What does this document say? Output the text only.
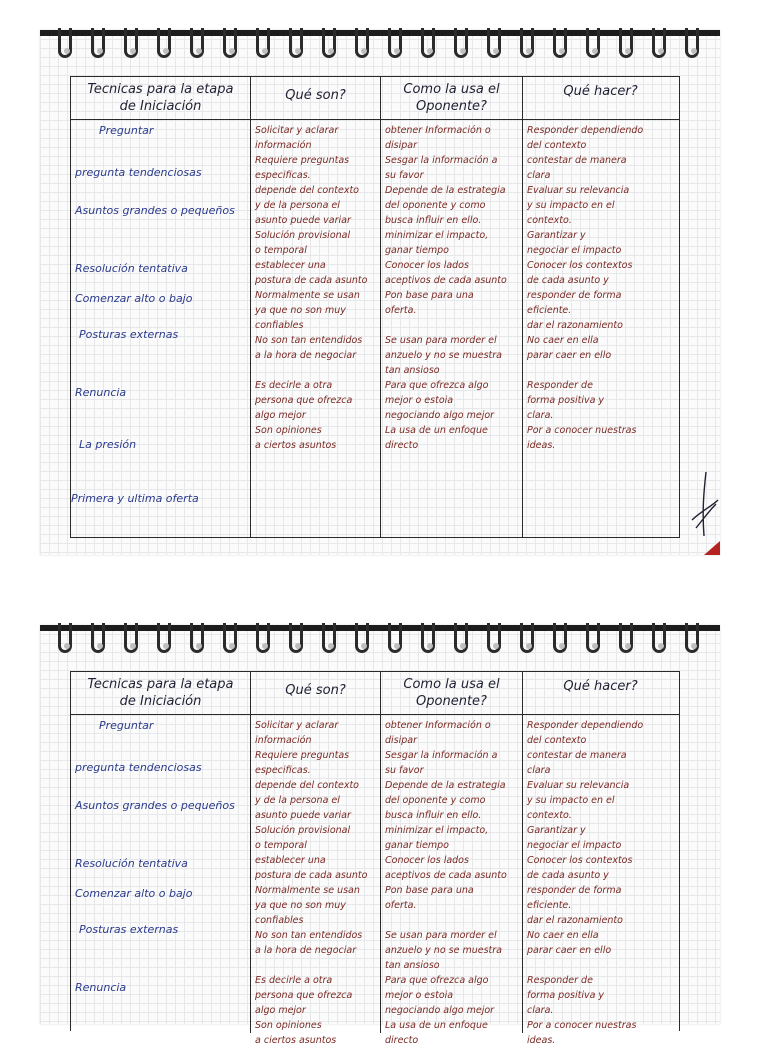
Tecnicas para la etapa
de Iniciación
Qué son?	Como la usa el
Oponente?
Qué hacer?
Preguntar
pregunta tendenciosas
Asuntos grandes o pequeños
Resolución tentativa
Comenzar alto o bajo
Posturas externas
Renuncia
La presión
Primera y ultima oferta
Solicitar y aclarar
información
Requiere preguntas
especificas.
depende del contexto
y de la persona el
asunto puede variar
Solución provisional
o temporal
establecer una
postura de cada asunto
Normalmente se usan
ya que no son muy
confiables
No son tan entendidos
a la hora de negociar

Es decirle a otra
persona que ofrezca
algo mejor
Son opiniones
a ciertos asuntos
obtener Información o
disipar
Sesgar la información a
su favor
Depende de la estrategia
del oponente y como
busca influir en ello.
minimizar el impacto,
ganar tiempo
Conocer los lados
aceptivos de cada asunto
Pon base para una
oferta.

Se usan para morder el
anzuelo y no se muestra
tan ansioso
Para que ofrezca algo
mejor o estoia
negociando algo mejor
La usa de un enfoque
directo
Responder dependiendo
del contexto
contestar de manera
clara
Evaluar su relevancia
y su impacto en el
contexto.
Garantizar y
negociar el impacto
Conocer los contextos
de cada asunto y
responder de forma
eficiente.
dar el razonamiento
No caer en ella
parar caer en ello

Responder de
forma positiva y
clara.
Por a conocer nuestras
ideas.
Tecnicas para la etapa
de Iniciación
Qué son?	Como la usa el
Oponente?
Qué hacer?
Preguntar
pregunta tendenciosas
Asuntos grandes o pequeños
Resolución tentativa
Comenzar alto o bajo
Posturas externas
Renuncia
Solicitar y aclarar
información
Requiere preguntas
especificas.
depende del contexto
y de la persona el
asunto puede variar
Solución provisional
o temporal
establecer una
postura de cada asunto
Normalmente se usan
ya que no son muy
confiables
No son tan entendidos
a la hora de negociar

Es decirle a otra
persona que ofrezca
algo mejor
Son opiniones
a ciertos asuntos
obtener Información o
disipar
Sesgar la información a
su favor
Depende de la estrategia
del oponente y como
busca influir en ello.
minimizar el impacto,
ganar tiempo
Conocer los lados
aceptivos de cada asunto
Pon base para una
oferta.

Se usan para morder el
anzuelo y no se muestra
tan ansioso
Para que ofrezca algo
mejor o estoia
negociando algo mejor
La usa de un enfoque
directo
Responder dependiendo
del contexto
contestar de manera
clara
Evaluar su relevancia
y su impacto en el
contexto.
Garantizar y
negociar el impacto
Conocer los contextos
de cada asunto y
responder de forma
eficiente.
dar el razonamiento
No caer en ella
parar caer en ello

Responder de
forma positiva y
clara.
Por a conocer nuestras
ideas.
